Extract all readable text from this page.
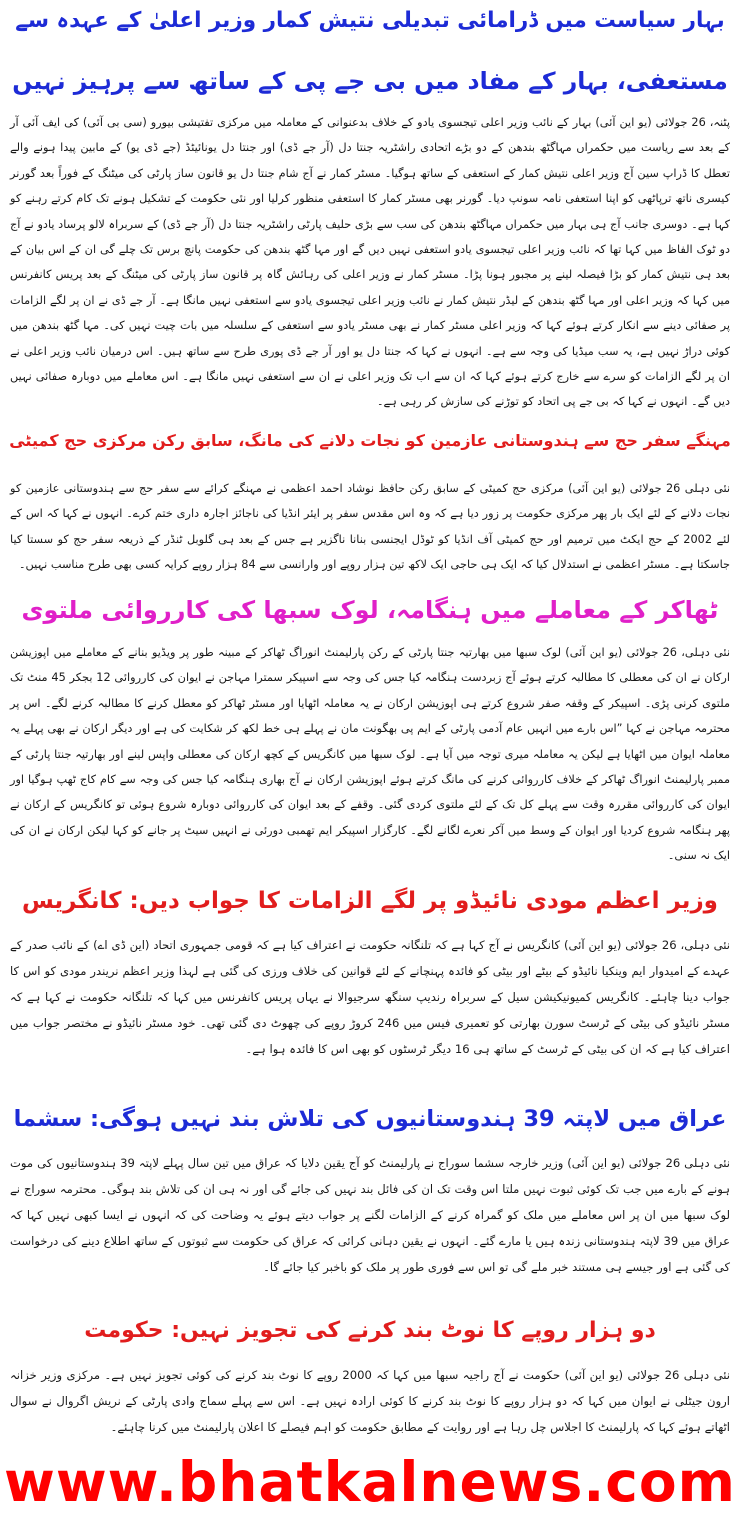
بہار سیاست میں ڈرامائی تبدیلی نتیش کمار وزیر اعلیٰ کے عہدہ سے
مستعفی، بہار کے مفاد میں بی جے پی کے ساتھ سے پرہیز نہیں

پٹنہ، 26 جولائی (یو این آئی) بہار کے نائب وزیر اعلی تیجسوی یادو کے خلاف بدعنوانی کے معاملہ میں مرکزی تفتیشی بیورو (سی بی آئی) کی ایف آئی آر کے بعد سے ریاست میں حکمراں مہاگٹھ بندھن کے دو بڑے اتحادی راشٹریہ جنتا دل (آر جے ڈی) اور جنتا دل یونائیٹڈ (جے ڈی یو) کے مابین پیدا ہونے والے تعطل کا ڈراپ سین آج وزیر اعلی نتیش کمار کے استعفی کے ساتھ ہوگیا۔ مسٹر کمار نے آج شام جنتا دل یو قانون ساز پارٹی کی میٹنگ کے فوراً بعد گورنر کیسری ناتھ ترپاٹھی کو اپنا استعفی نامہ سونپ دیا۔ گورنر بھی مسٹر کمار کا استعفی منظور کرلیا اور نئی حکومت کے تشکیل ہونے تک کام کرتے رہنے کو کہا ہے۔ دوسری جانب آج ہی بہار میں حکمراں مہاگٹھ بندھن کی سب سے بڑی حلیف پارٹی راشٹریہ جنتا دل (آر جے ڈی) کے سربراہ لالو پرساد یادو نے آج دو ٹوک الفاظ میں کہا تھا کہ نائب وزیر اعلی تیجسوی یادو استعفی نہیں دیں گے اور مہا گٹھ بندھن کی حکومت پانچ برس تک چلے گی ان کے اس بیان کے بعد ہی نتیش کمار کو بڑا فیصلہ لینے پر مجبور ہونا پڑا۔ مسٹر کمار نے وزیر اعلی کی رہائش گاہ پر قانون ساز پارٹی کی میٹنگ کے بعد پریس کانفرنس میں کہا کہ وزیر اعلی اور مہا گٹھ بندھن کے لیڈر نتیش کمار نے نائب وزیر اعلی تیجسوی یادو سے استعفی نہیں مانگا ہے۔ آر جے ڈی نے ان پر لگے الزامات پر صفائی دینے سے انکار کرتے ہوئے کہا کہ وزیر اعلی مسٹر کمار نے بھی مسٹر یادو سے استعفی کے سلسلہ میں بات چیت نہیں کی۔ مہا گٹھ بندھن میں کوئی دراڑ نہیں ہے، یہ سب میڈیا کی وجہ سے ہے۔ انہوں نے کہا کہ جنتا دل یو اور آر جے ڈی پوری طرح سے ساتھ ہیں۔ اس درمیان نائب وزیر اعلی نے ان پر لگے الزامات کو سرے سے خارج کرتے ہوئے کہا کہ ان سے اب تک وزیر اعلی نے ان سے استعفی نہیں مانگا ہے۔ اس معاملے میں دوبارہ صفائی نہیں دیں گے۔ انہوں نے کہا کہ بی جے پی اتحاد کو توڑنے کی سازش کر رہی ہے۔

مہنگے سفر حج سے ہندوستانی عازمین کو نجات دلانے کی مانگ، سابق رکن مرکزی حج کمیٹی

نئی دہلی 26 جولائی (یو این آئی) مرکزی حج کمیٹی کے سابق رکن حافظ نوشاد احمد اعظمی نے مہنگے کرائے سے سفر حج سے ہندوستانی عازمین کو نجات دلانے کے لئے ایک بار پھر مرکزی حکومت پر زور دیا ہے کہ وہ اس مقدس سفر پر ایئر انڈیا کی ناجائز اجارہ داری ختم کرے۔ انہوں نے کہا کہ اس کے لئے 2002 کے حج ایکٹ میں ترمیم اور حج کمیٹی آف انڈیا کو ٹوڈل ایجنسی بنانا ناگزیر ہے جس کے بعد ہی گلوبل ٹنڈر کے ذریعہ سفر حج کو سستا کیا جاسکتا ہے۔ مسٹر اعظمی نے استدلال کیا کہ ایک ہی حاجی ایک لاکھ تین ہزار روپے اور وارانسی سے 84 ہزار روپے کرایہ کسی بھی طرح مناسب نہیں۔

ٹھاکر کے معاملے میں ہنگامہ، لوک سبھا کی کارروائی ملتوی

نئی دہلی، 26 جولائی (یو این آئی) لوک سبھا میں بھارتیہ جنتا پارٹی کے رکن پارلیمنٹ انوراگ ٹھاکر کے مبینہ طور پر ویڈیو بنانے کے معاملے میں اپوزیشن ارکان نے ان کی معطلی کا مطالبہ کرتے ہوئے آج زبردست ہنگامہ کیا جس کی وجہ سے اسپیکر سمترا مہاجن نے ایوان کی کارروائی 12 بجکر 45 منٹ تک ملتوی کرنی پڑی۔ اسپیکر کے وقفہ صفر شروع کرتے ہی اپوزیشن ارکان نے یہ معاملہ اٹھایا اور مسٹر ٹھاکر کو معطل کرنے کا مطالبہ کرنے لگے۔ اس پر محترمہ مہاجن نے کہا ”اس بارے میں انہیں عام آدمی پارٹی کے ایم پی بھگونت مان نے پہلے ہی خط لکھ کر شکایت کی ہے اور دیگر ارکان نے بھی پہلے یہ معاملہ ایوان میں اٹھایا ہے لیکن یہ معاملہ میری توجہ میں آیا ہے۔ لوک سبھا میں کانگریس کے کچھ ارکان کی معطلی واپس لینے اور بھارتیہ جنتا پارٹی کے ممبر پارلیمنٹ انوراگ ٹھاکر کے خلاف کارروائی کرنے کی مانگ کرتے ہوئے اپوزیشن ارکان نے آج بھاری ہنگامہ کیا جس کی وجہ سے کام کاج ٹھپ ہوگیا اور ایوان کی کارروائی مقررہ وقت سے پہلے کل تک کے لئے ملتوی کردی گئی۔ وقفے کے بعد ایوان کی کارروائی دوبارہ شروع ہوئی تو کانگریس کے ارکان نے پھر ہنگامہ شروع کردیا اور ایوان کے وسط میں آکر نعرے لگانے لگے۔ کارگزار اسپیکر ایم تھمبی دورئی نے انہیں سیٹ پر جانے کو کہا لیکن ارکان نے ان کی ایک نہ سنی۔

وزیر اعظم مودی نائیڈو پر لگے الزامات کا جواب دیں: کانگریس

نئی دہلی، 26 جولائی (یو این آئی) کانگریس نے آج کہا ہے کہ تلنگانہ حکومت نے اعتراف کیا ہے کہ قومی جمہوری اتحاد (این ڈی اے) کے نائب صدر کے عہدے کے امیدوار ایم وینکیا نائیڈو کے بیٹے اور بیٹی کو فائدہ پہنچانے کے لئے قوانین کی خلاف ورزی کی گئی ہے لہذا وزیر اعظم نریندر مودی کو اس کا جواب دینا چاہئے۔ کانگریس کمیونیکیشن سیل کے سربراہ رندیپ سنگھ سرجیوالا نے یہاں پریس کانفرنس میں کہا کہ تلنگانہ حکومت نے کہا ہے کہ مسٹر نائیڈو کی بیٹی کے ٹرسٹ سورن بھارتی کو تعمیری فیس میں 246 کروڑ روپے کی چھوٹ دی گئی تھی۔ خود مسٹر نائیڈو نے مختصر جواب میں اعتراف کیا ہے کہ ان کی بیٹی کے ٹرسٹ کے ساتھ ہی 16 دیگر ٹرسٹوں کو بھی اس کا فائدہ ہوا ہے۔

عراق میں لاپتہ 39 ہندوستانیوں کی تلاش بند نہیں ہوگی: سشما

نئی دہلی 26 جولائی (یو این آئی) وزیر خارجہ سشما سوراج نے پارلیمنٹ کو آج یقین دلایا کہ عراق میں تین سال پہلے لاپتہ 39 ہندوستانیوں کی موت ہونے کے بارے میں جب تک کوئی ثبوت نہیں ملتا اس وقت تک ان کی فائل بند نہیں کی جائے گی اور نہ ہی ان کی تلاش بند ہوگی۔ محترمہ سوراج نے لوک سبھا میں ان پر اس معاملے میں ملک کو گمراہ کرنے کے الزامات لگنے پر جواب دیتے ہوئے یہ وضاحت کی کہ انہوں نے ایسا کبھی نہیں کہا کہ عراق میں 39 لاپتہ ہندوستانی زندہ ہیں یا مارے گئے۔ انہوں نے یقین دہانی کرائی کہ عراق کی حکومت سے ثبوتوں کے ساتھ اطلاع دینے کی درخواست کی گئی ہے اور جیسے ہی مستند خبر ملے گی تو اس سے فوری طور پر ملک کو باخبر کیا جائے گا۔

دو ہزار روپے کا نوٹ بند کرنے کی تجویز نہیں: حکومت

نئی دہلی 26 جولائی (یو این آئی) حکومت نے آج راجیہ سبھا میں کہا کہ 2000 روپے کا نوٹ بند کرنے کی کوئی تجویز نہیں ہے۔ مرکزی وزیر خزانہ ارون جیٹلی نے ایوان میں کہا کہ دو ہزار روپے کا نوٹ بند کرنے کا کوئی ارادہ نہیں ہے۔ اس سے پہلے سماج وادی پارٹی کے نریش اگروال نے سوال اٹھاتے ہوئے کہا کہ پارلیمنٹ کا اجلاس چل رہا ہے اور روایت کے مطابق حکومت کو اہم فیصلے کا اعلان پارلیمنٹ میں کرنا چاہئے۔

www.bhatkalnews.com
